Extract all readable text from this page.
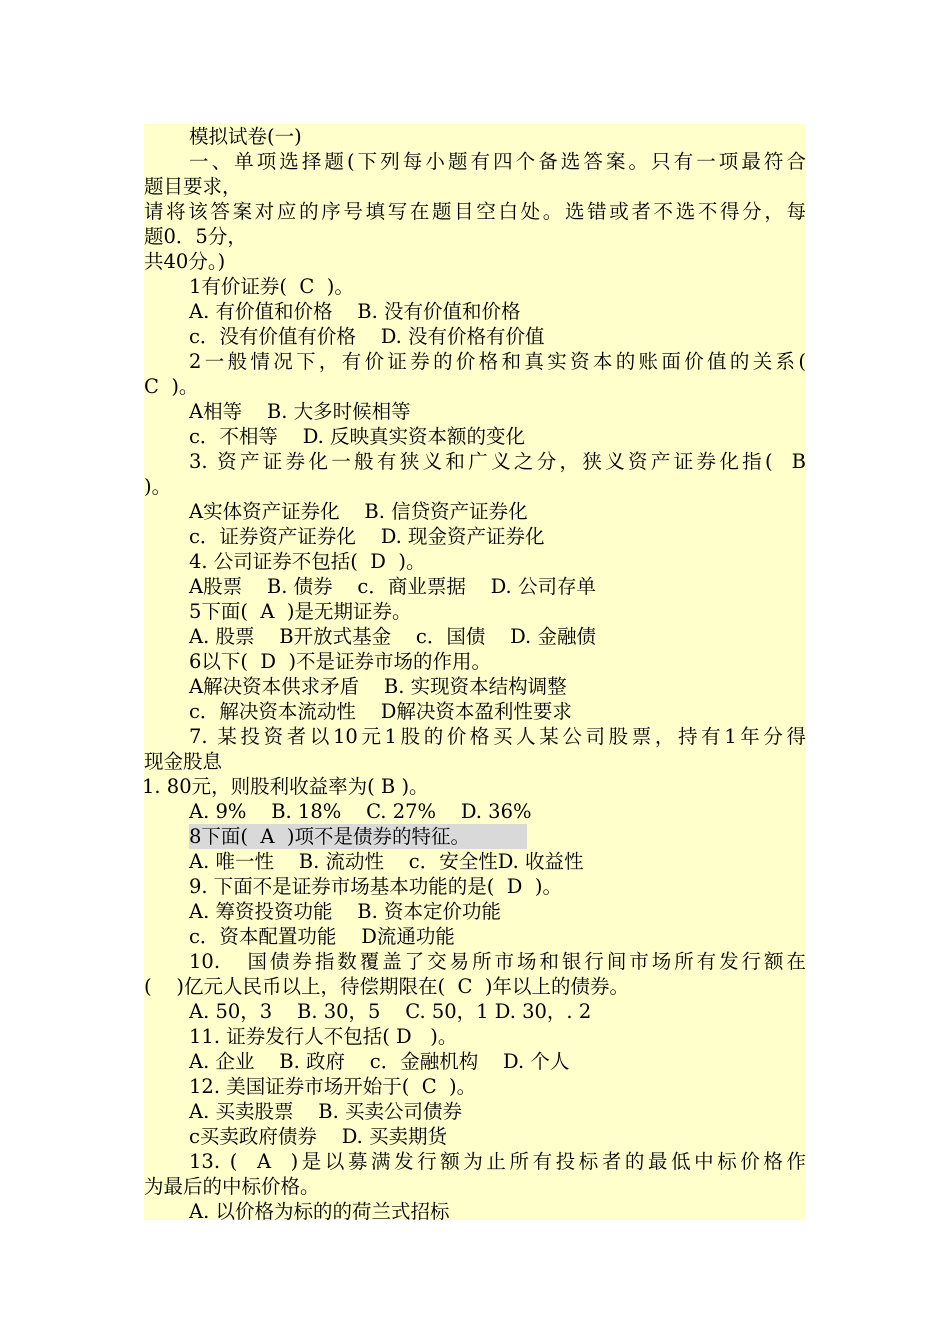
模拟试卷(一)
一、单项选择题(下列每小题有四个备选答案。只有一项最符合
题目要求，
请将该答案对应的序号填写在题目空白处。选错或者不选不得分，每
题0．5分，
共40分。)
1有价证券(  C  )。
A. 有价值和价格    B. 没有价值和价格
c．没有价值有价格    D. 没有价格有价值
2一般情况下，有价证券的价格和真实资本的账面价值的关系(
C  )。
A相等    B. 大多时候相等
c．不相等    D. 反映真实资本额的变化
3. 资产证券化一般有狭义和广义之分，狭义资产证券化指(  B
)。
A实体资产证券化    B. 信贷资产证券化
c．证券资产证券化    D. 现金资产证券化
4. 公司证券不包括(  D  )。
A股票    B. 债券    c．商业票据    D. 公司存单
5下面(  A  )是无期证券。
A. 股票    B开放式基金    c．国债    D. 金融债
6以下(  D  )不是证券市场的作用。
A解决资本供求矛盾    B. 实现资本结构调整
c．解决资本流动性    D解决资本盈利性要求
7. 某投资者以10元1股的价格买人某公司股票，持有1年分得
现金股息
1. 80元，则股利收益率为( B )。
A. 9%    B. 18%    C. 27%    D. 36%
8下面(  A  )项不是债券的特征。
A. 唯一性    B. 流动性    c．安全性D. 收益性
9. 下面不是证券市场基本功能的是(  D  )。
A. 筹资投资功能    B. 资本定价功能
c．资本配置功能    D流通功能
10.   国债券指数覆盖了交易所市场和银行间市场所有发行额在
(    )亿元人民币以上，待偿期限在(  C  )年以上的债券。
A. 50，3    B. 30，5    C. 50，1 D. 30，. 2
11. 证券发行人不包括( D   )。
A. 企业    B. 政府    c．金融机构    D. 个人
12. 美国证券市场开始于(  C  )。
A. 买卖股票    B. 买卖公司债券
c买卖政府债券    D. 买卖期货
13. (  A  )是以募满发行额为止所有投标者的最低中标价格作
为最后的中标价格。
A. 以价格为标的的荷兰式招标
